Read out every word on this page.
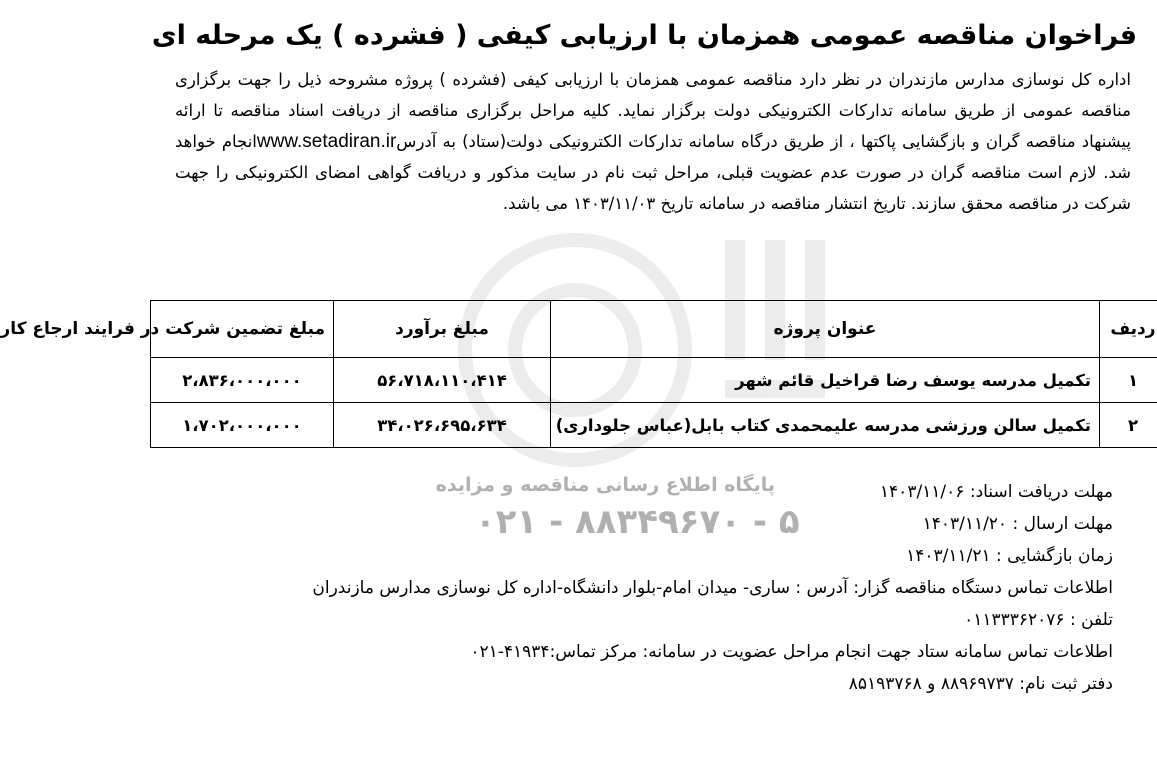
فراخوان مناقصه عمومی همزمان با ارزیابی کیفی ( فشرده ) یک مرحله ای
اداره کل نوسازی مدارس مازندران در نظر دارد مناقصه عمومی همزمان با ارزیابی کیفی (فشرده ) پروژه مشروحه ذیل را جهت برگزاری مناقصه عمومی از طریق سامانه تدارکات الکترونیکی دولت برگزار نماید. کلیه مراحل برگزاری مناقصه از دریافت اسناد مناقصه تا ارائه پیشنهاد مناقصه گران و بازگشایی پاکتها ، از طریق درگاه سامانه تدارکات الکترونیکی دولت(ستاد) به آدرسwww.setadiran.irانجام خواهد شد. لازم است مناقصه گران در صورت عدم عضویت قبلی، مراحل ثبت نام در سایت مذکور و دریافت گواهی امضای الکترونیکی را جهت شرکت در مناقصه محقق سازند. تاریخ انتشار مناقصه در سامانه تاریخ ۱۴۰۳/۱۱/۰۳ می باشد.
ردیف	عنوان پروژه	مبلغ برآورد	مبلغ تضمین شرکت در فرایند ارجاع کار
۱	تکمیل مدرسه یوسف رضا قراخیل قائم شهر	۵۶،۷۱۸،۱۱۰،۴۱۴	۲،۸۳۶،۰۰۰،۰۰۰
۲	تکمیل سالن ورزشی مدرسه علیمحمدی کتاب بابل(عباس جلوداری)	۳۴،۰۲۶،۶۹۵،۶۳۴	۱،۷۰۲،۰۰۰،۰۰۰
پایگاه اطلاع رسانی مناقصه و مزایده
۰۲۱ - ۸۸۳۴۹۶۷۰ - ۵
مهلت دریافت اسناد: ۱۴۰۳/۱۱/۰۶
مهلت ارسال : ۱۴۰۳/۱۱/۲۰
زمان بازگشایی : ۱۴۰۳/۱۱/۲۱
اطلاعات تماس دستگاه مناقصه گزار: آدرس : ساری- میدان امام-بلوار دانشگاه-اداره کل نوسازی مدارس مازندران
تلفن : ۰۱۱۳۳۳۶۲۰۷۶
اطلاعات تماس سامانه ستاد جهت انجام مراحل عضویت در سامانه: مرکز تماس:۴۱۹۳۴-۰۲۱
دفتر ثبت نام: ۸۸۹۶۹۷۳۷ و ۸۵۱۹۳۷۶۸
